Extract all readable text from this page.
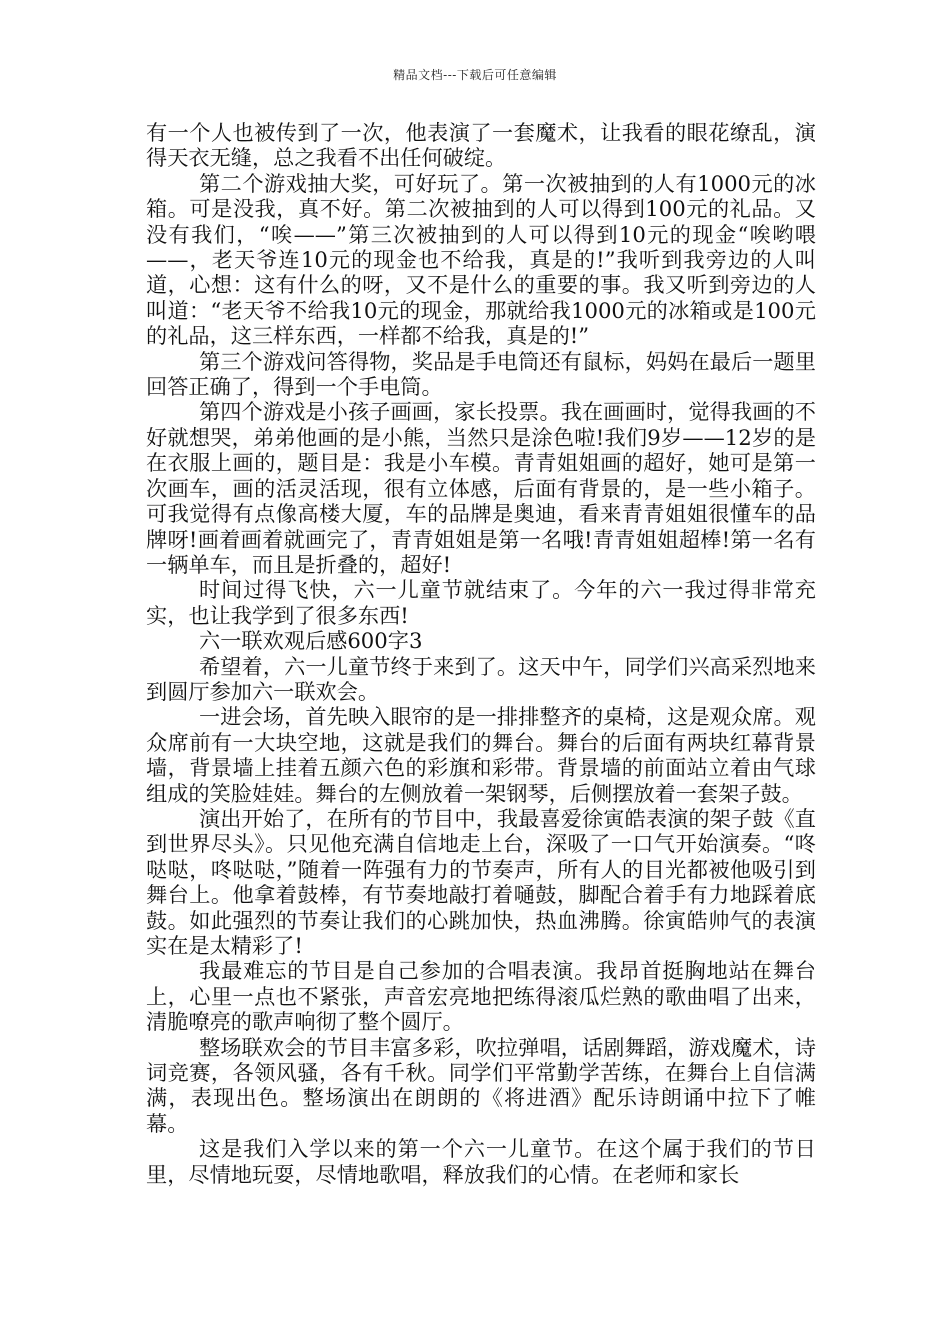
精品文档---下载后可任意编辑

有一个人也被传到了一次，他表演了一套魔术，让我看的眼花缭乱，演得天衣无缝，总之我看不出任何破绽。

第二个游戏抽大奖，可好玩了。第一次被抽到的人有1000元的冰箱。可是没我，真不好。第二次被抽到的人可以得到100元的礼品。又没有我们，“唉——”第三次被抽到的人可以得到10元的现金“唉哟喂——，老天爷连10元的现金也不给我，真是的!”我听到我旁边的人叫道，心想：这有什么的呀，又不是什么的重要的事。我又听到旁边的人叫道：“老天爷不给我10元的现金，那就给我1000元的冰箱或是100元的礼品，这三样东西，一样都不给我，真是的!”

第三个游戏问答得物，奖品是手电筒还有鼠标，妈妈在最后一题里回答正确了，得到一个手电筒。

第四个游戏是小孩子画画，家长投票。我在画画时，觉得我画的不好就想哭，弟弟他画的是小熊，当然只是涂色啦!我们9岁——12岁的是在衣服上画的，题目是：我是小车模。青青姐姐画的超好，她可是第一次画车，画的活灵活现，很有立体感，后面有背景的，是一些小箱子。可我觉得有点像高楼大厦，车的品牌是奥迪，看来青青姐姐很懂车的品牌呀!画着画着就画完了，青青姐姐是第一名哦!青青姐姐超棒!第一名有一辆单车，而且是折叠的，超好!

时间过得飞快，六一儿童节就结束了。今年的六一我过得非常充实，也让我学到了很多东西!

六一联欢观后感600字3

希望着，六一儿童节终于来到了。这天中午，同学们兴高采烈地来到圆厅参加六一联欢会。

一进会场，首先映入眼帘的是一排排整齐的桌椅，这是观众席。观众席前有一大块空地，这就是我们的舞台。舞台的后面有两块红幕背景墙，背景墙上挂着五颜六色的彩旗和彩带。背景墙的前面站立着由气球组成的笑脸娃娃。舞台的左侧放着一架钢琴，后侧摆放着一套架子鼓。

演出开始了，在所有的节目中，我最喜爱徐寅皓表演的架子鼓《直到世界尽头》。只见他充满自信地走上台，深吸了一口气开始演奏。“咚哒哒，咚哒哒，”随着一阵强有力的节奏声，所有人的目光都被他吸引到舞台上。他拿着鼓棒，有节奏地敲打着嗵鼓，脚配合着手有力地踩着底鼓。如此强烈的节奏让我们的心跳加快，热血沸腾。徐寅皓帅气的表演实在是太精彩了!

我最难忘的节目是自己参加的合唱表演。我昂首挺胸地站在舞台上，心里一点也不紧张，声音宏亮地把练得滚瓜烂熟的歌曲唱了出来，清脆嘹亮的歌声响彻了整个圆厅。

整场联欢会的节目丰富多彩，吹拉弹唱，话剧舞蹈，游戏魔术，诗词竞赛，各领风骚，各有千秋。同学们平常勤学苦练，在舞台上自信满满，表现出色。整场演出在朗朗的《将进酒》配乐诗朗诵中拉下了帷幕。

这是我们入学以来的第一个六一儿童节。在这个属于我们的节日里，尽情地玩耍，尽情地歌唱，释放我们的心情。在老师和家长
